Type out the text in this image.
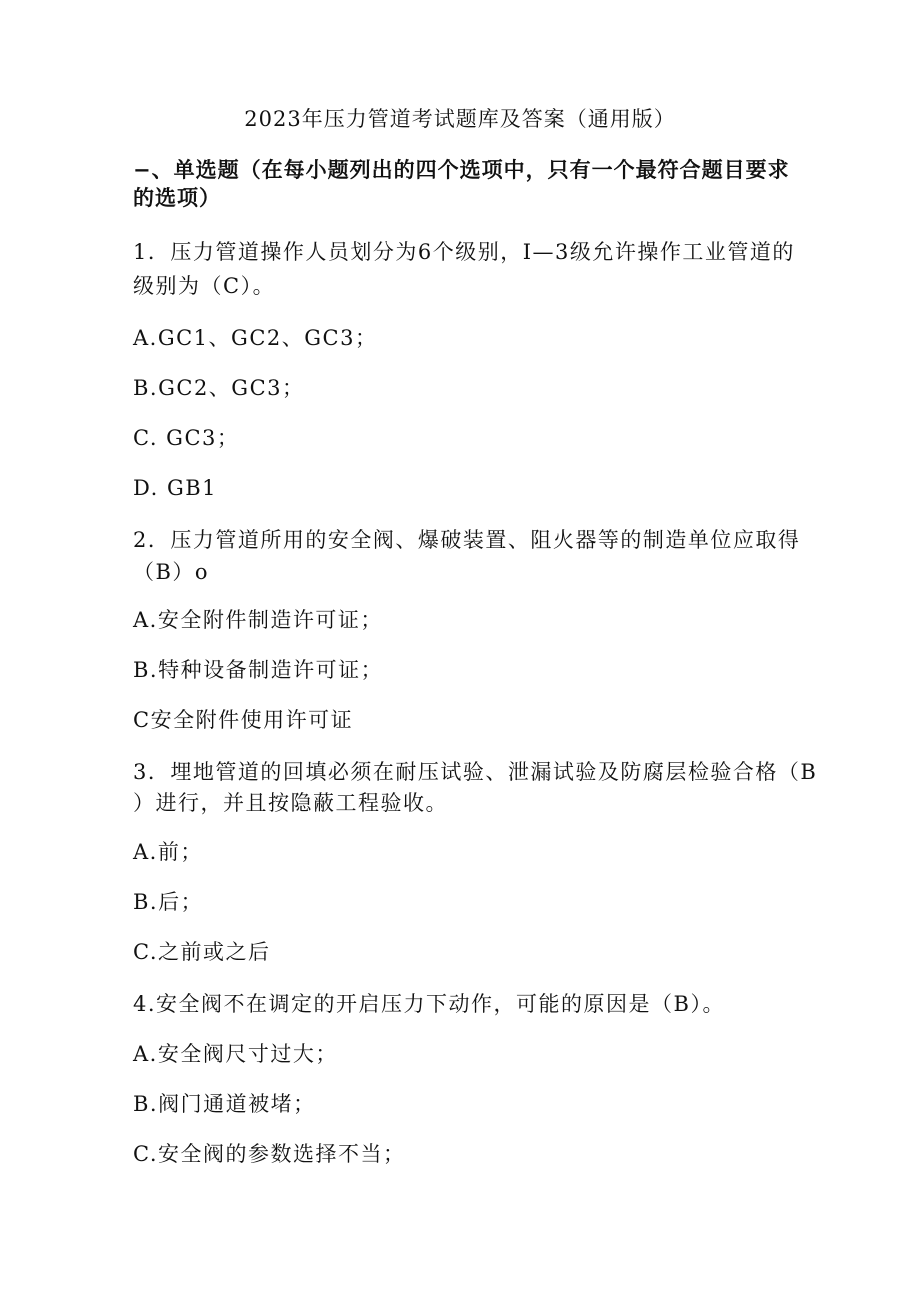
2023年压力管道考试题库及答案（通用版）
−、单选题（在每小题列出的四个选项中，只有一个最符合题目要求
的选项）
1．压力管道操作人员划分为6个级别，I—3级允许操作工业管道的
级别为（C）。
A.GC1、GC2、GC3；
B.GC2、GC3；
C. GC3；
D. GB1
2．压力管道所用的安全阀、爆破装置、阻火器等的制造单位应取得
（B）o
A.安全附件制造许可证；
B.特种设备制造许可证；
C安全附件使用许可证
3．埋地管道的回填必须在耐压试验、泄漏试验及防腐层检验合格（B
）进行，并且按隐蔽工程验收。
A.前；
B.后；
C.之前或之后
4.安全阀不在调定的开启压力下动作，可能的原因是（B）。
A.安全阀尺寸过大；
B.阀门通道被堵；
C.安全阀的参数选择不当；
